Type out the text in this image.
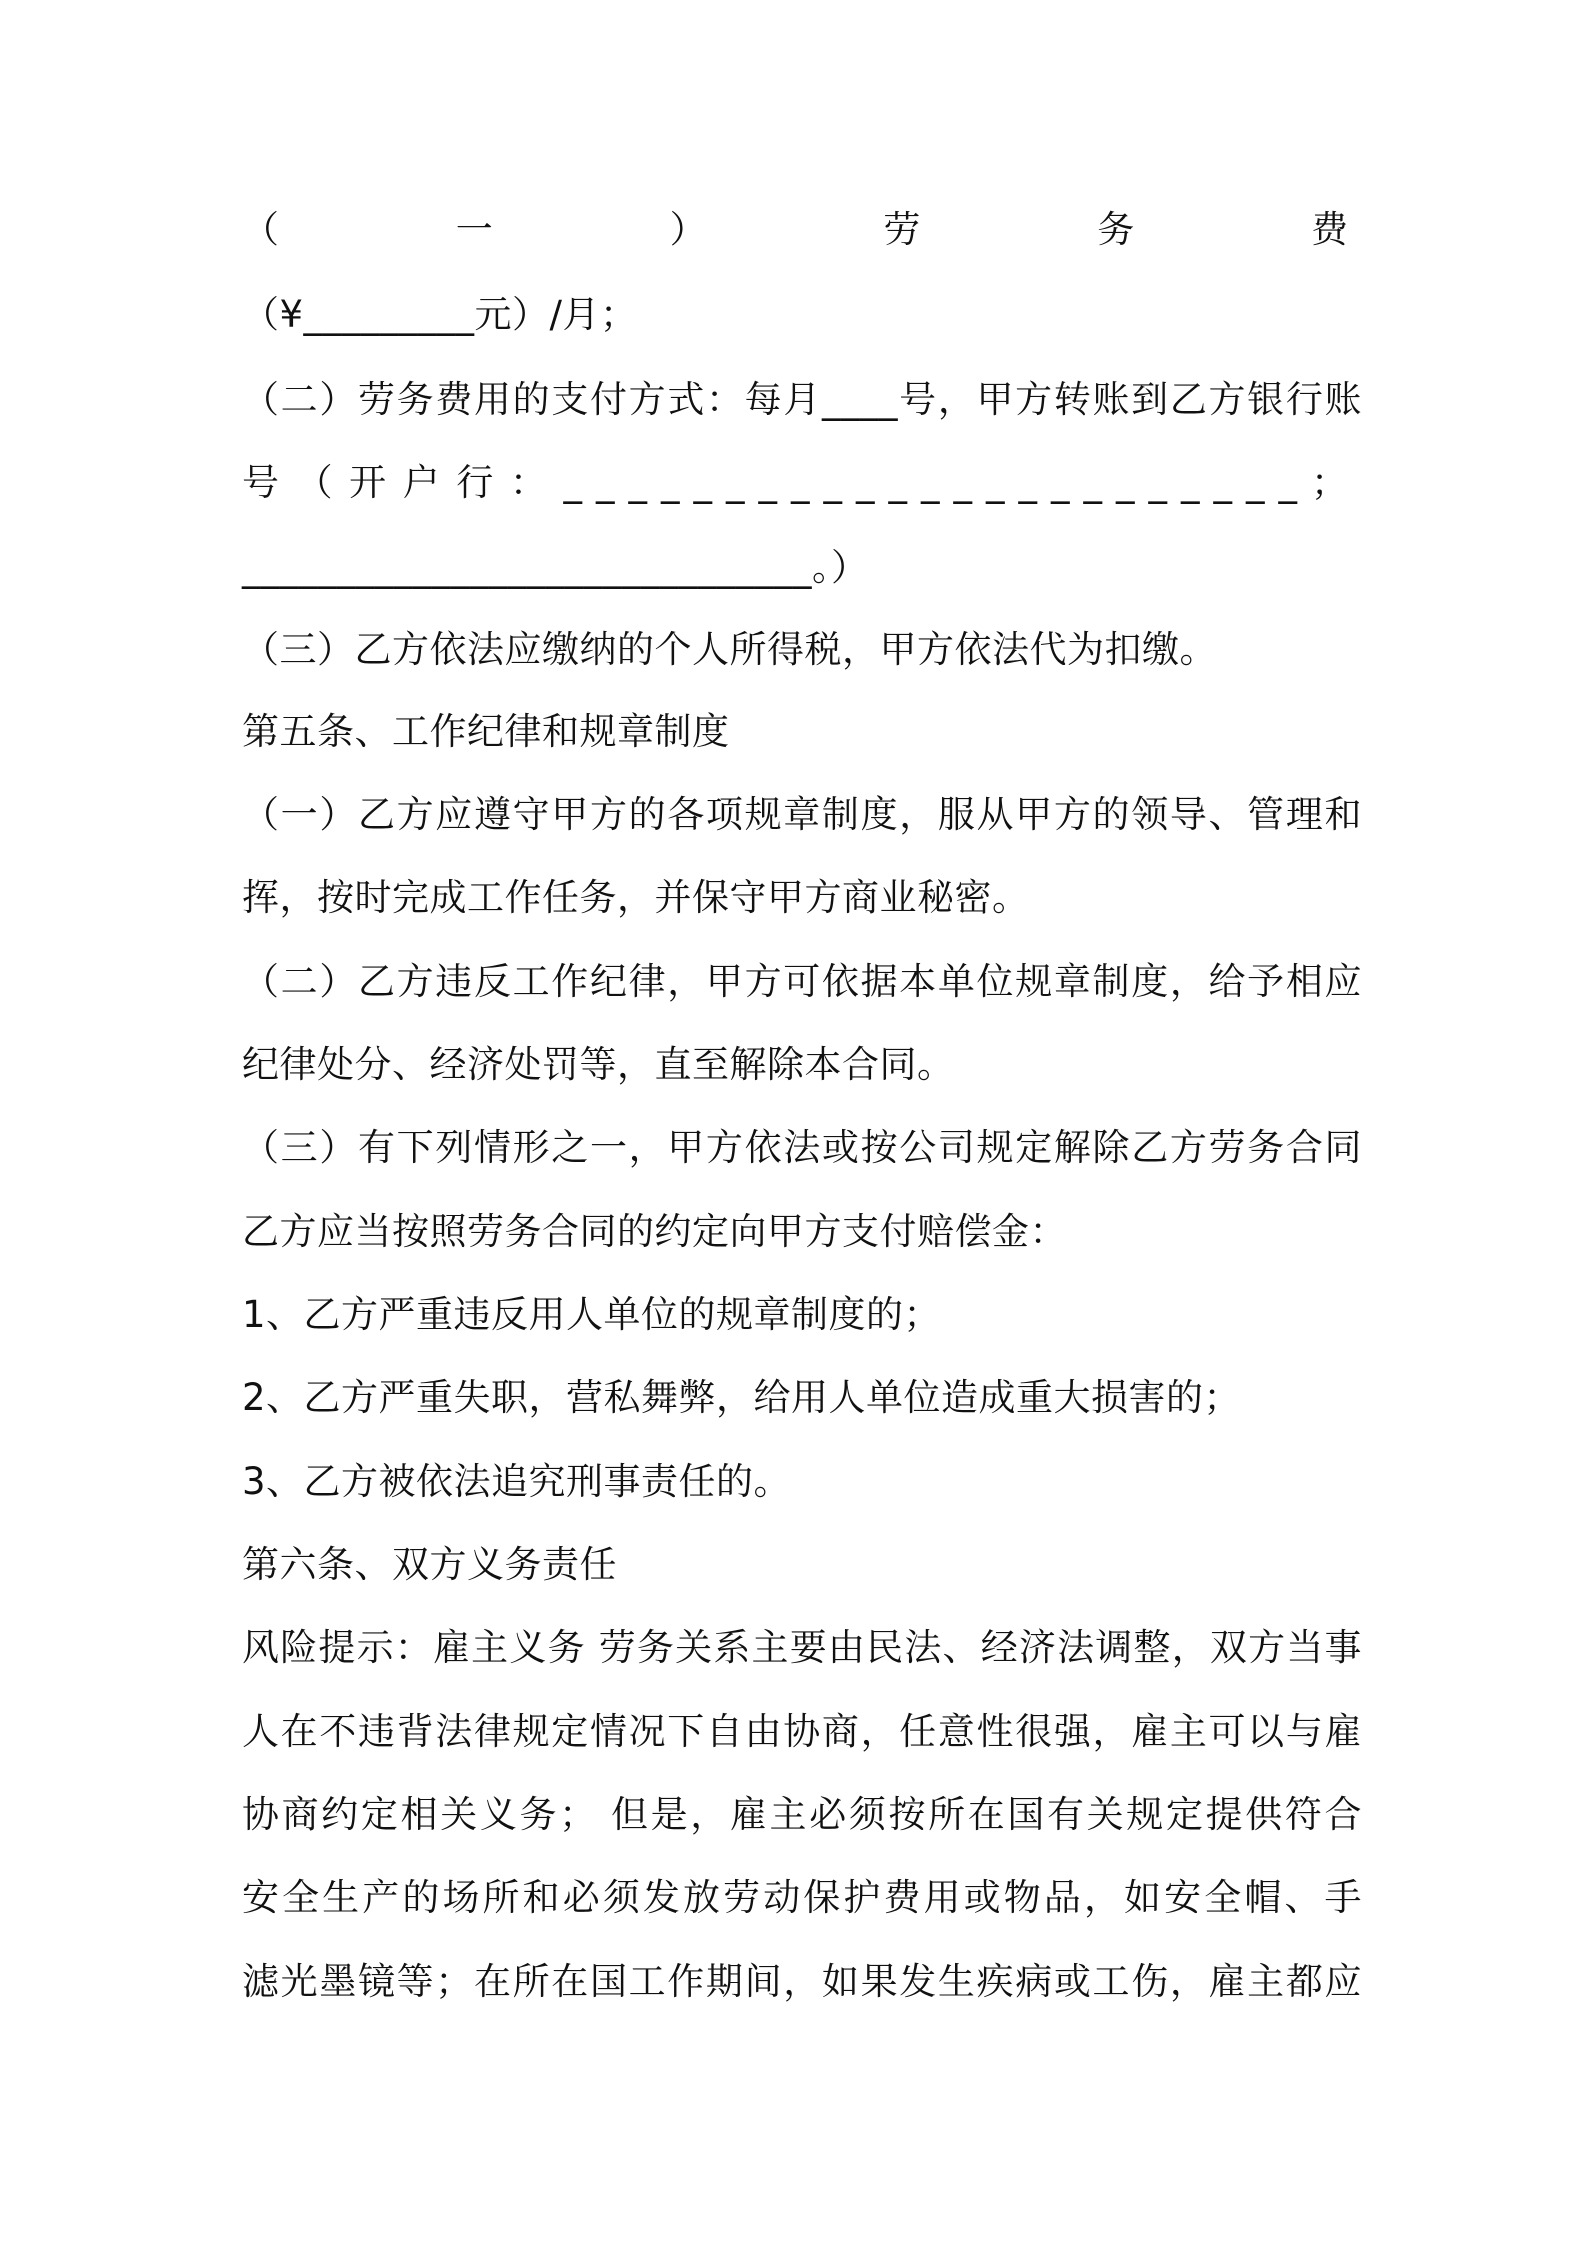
（一）劳务费
（¥_________元）/月；
（二）劳务费用的支付方式：每月____号，甲方转账到乙方银行账
号（开户行：_______________________；
______________________________。）
（三）乙方依法应缴纳的个人所得税，甲方依法代为扣缴。
第五条、工作纪律和规章制度
（一）乙方应遵守甲方的各项规章制度，服从甲方的领导、管理和
挥，按时完成工作任务，并保守甲方商业秘密。
（二）乙方违反工作纪律，甲方可依据本单位规章制度，给予相应
纪律处分、经济处罚等，直至解除本合同。
（三）有下列情形之一，甲方依法或按公司规定解除乙方劳务合同
乙方应当按照劳务合同的约定向甲方支付赔偿金：
1、乙方严重违反用人单位的规章制度的；
2、乙方严重失职，营私舞弊，给用人单位造成重大损害的；
3、乙方被依法追究刑事责任的。
第六条、双方义务责任
风险提示：雇主义务 劳务关系主要由民法、经济法调整，双方当事
人在不违背法律规定情况下自由协商，任意性很强，雇主可以与雇
协商约定相关义务； 但是，雇主必须按所在国有关规定提供符合
安全生产的场所和必须发放劳动保护费用或物品，如安全帽、手
滤光墨镜等；在所在国工作期间，如果发生疾病或工伤，雇主都应
